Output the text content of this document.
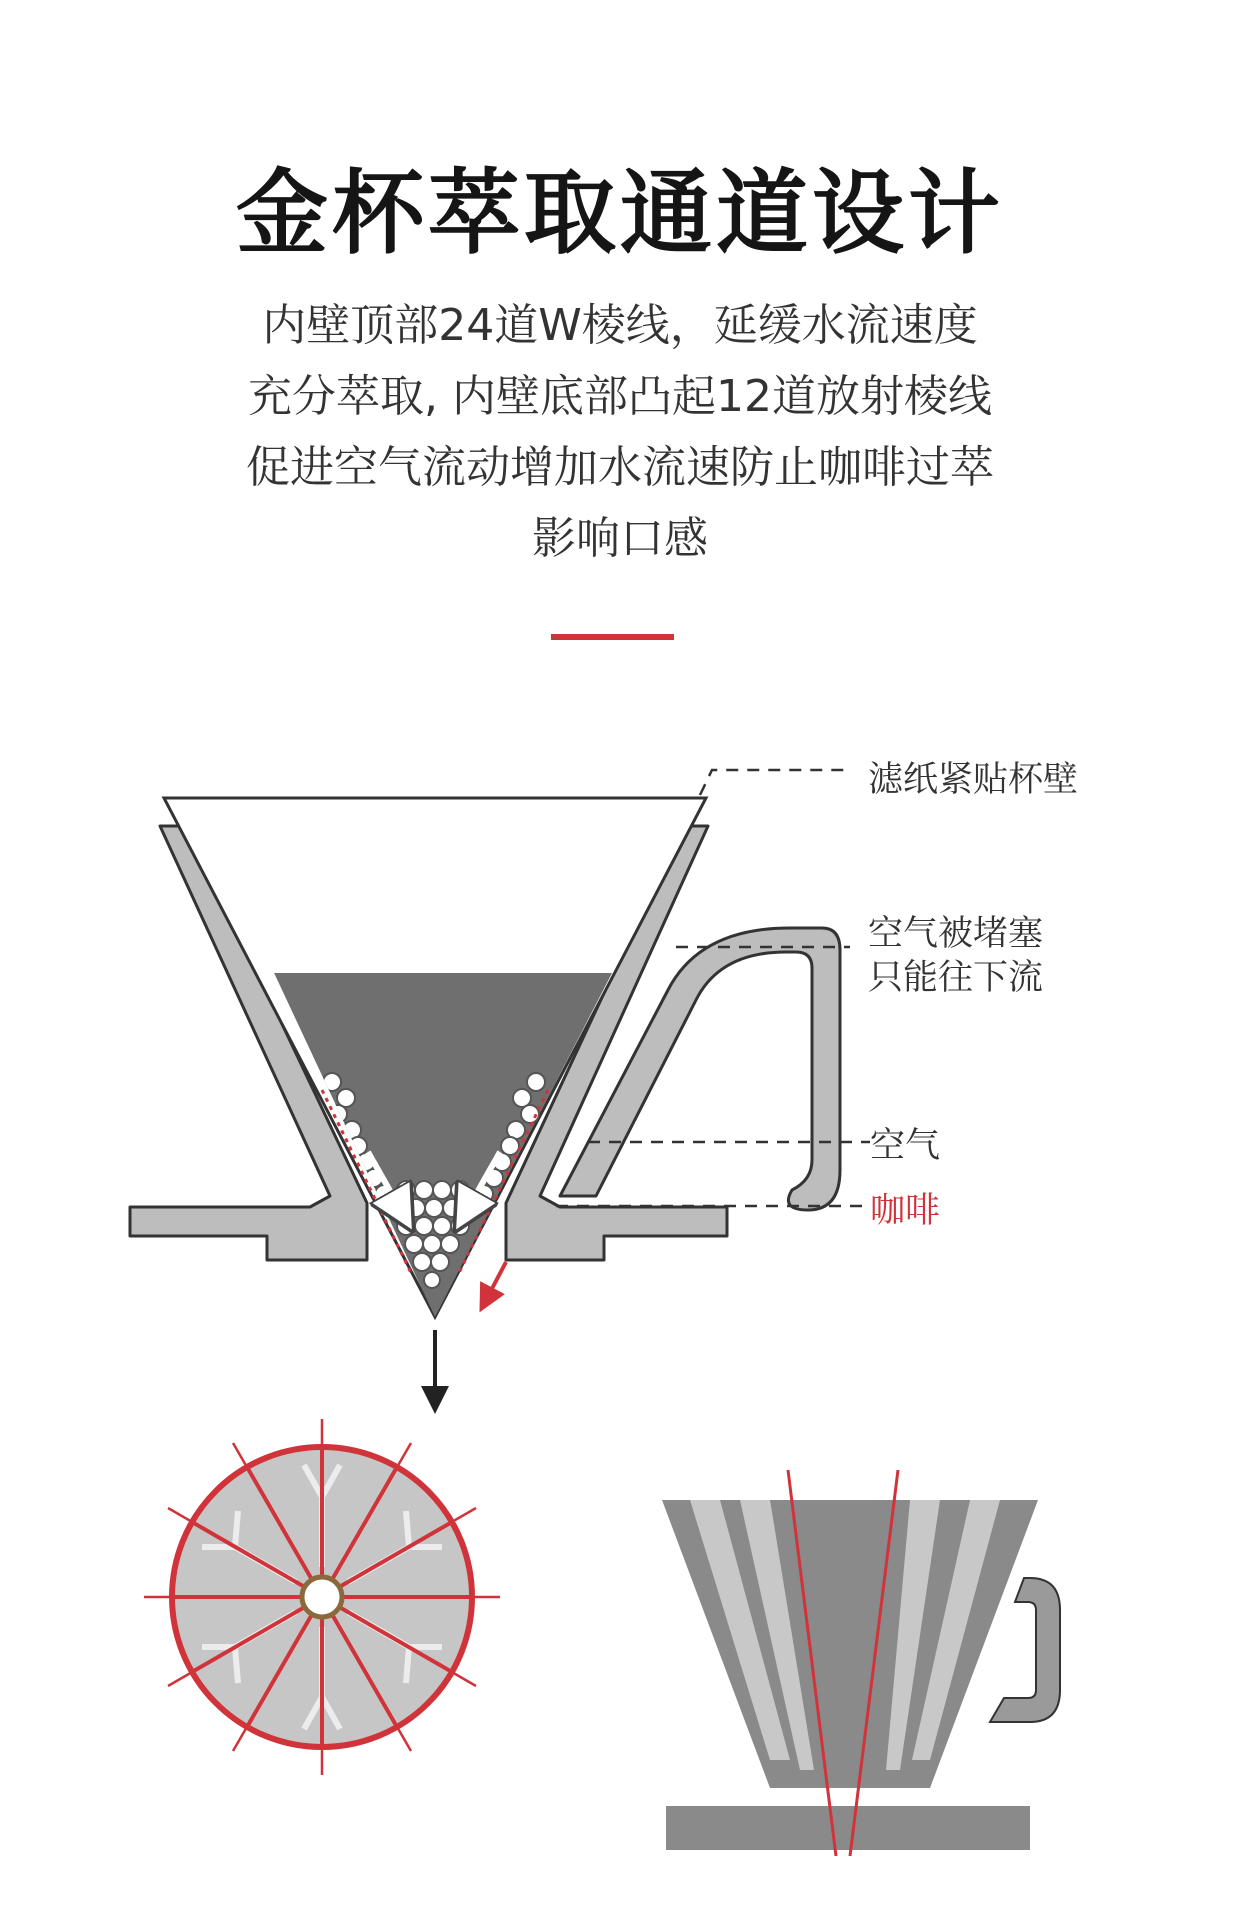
金杯萃取通道设计
内壁顶部24道W棱线，延缓水流速度
充分萃取, 内壁底部凸起12道放射棱线
促进空气流动增加水流速防止咖啡过萃
影响口感
滤纸紧贴杯壁
空气被堵塞
只能往下流
空气
咖啡
